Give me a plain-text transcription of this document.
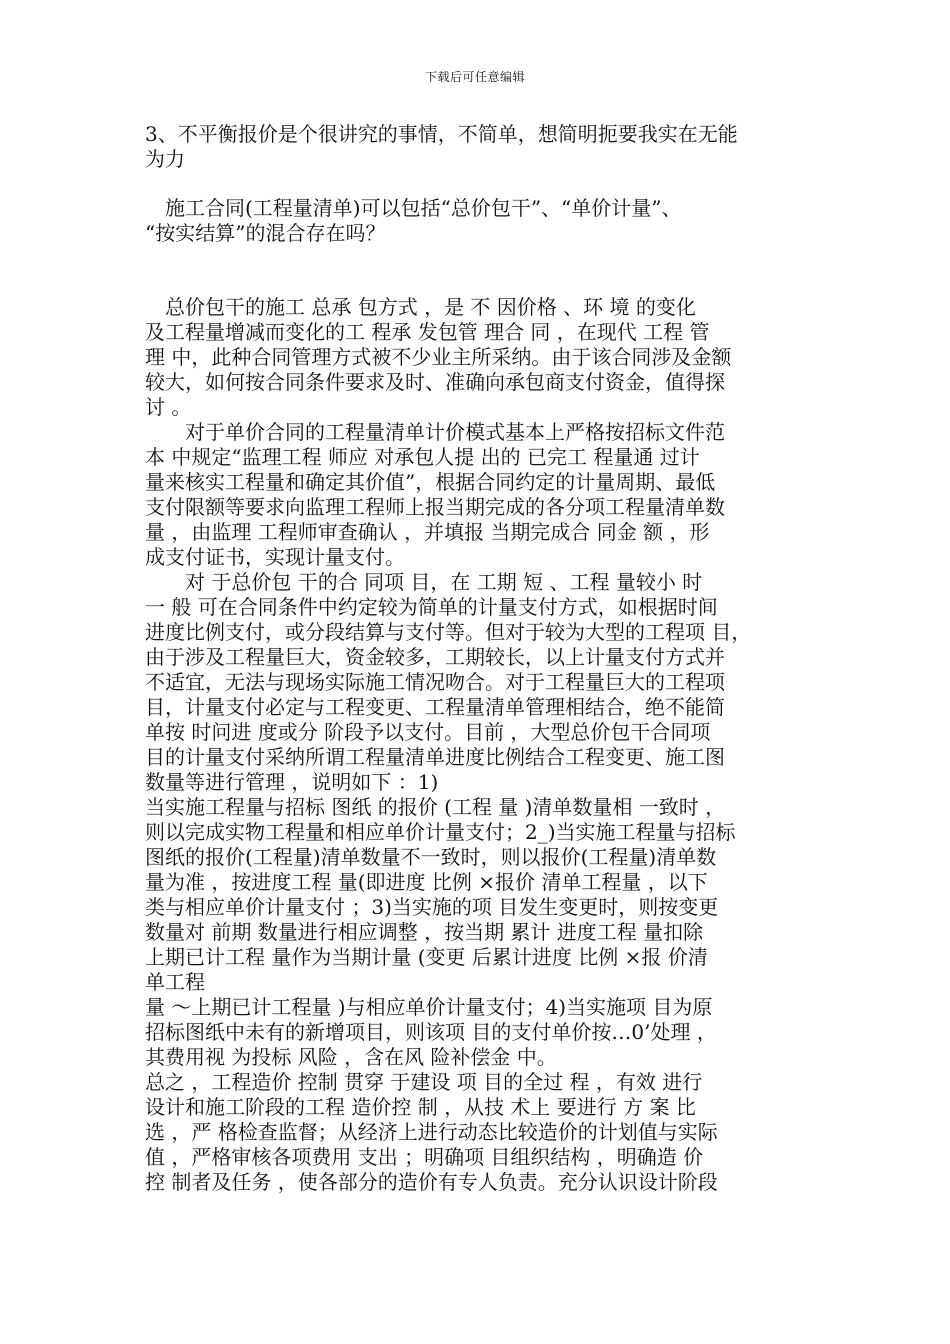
下载后可任意编辑

3、不平衡报价是个很讲究的事情，不简单，想简明扼要我实在无能

为力

　施工合同(工程量清单)可以包括“总价包干”、“单价计量”、

“按实结算”的混合存在吗？

　总价包干的施工 总承 包方式 ，是 不 因价格 、环 境 的变化

及工程量增减而变化的工 程承 发包管 理合 同 ，在现代 工程 管

理 中，此种合同管理方式被不少业主所采纳。由于该合同涉及金额

较大，如何按合同条件要求及时、准确向承包商支付资金，值得探

讨 。

　　对于单价合同的工程量清单计价模式基本上严格按招标文件范

本 中规定“监理工程 师应 对承包人提 出的 已完工 程量通 过计

量来核实工程量和确定其价值”，根据合同约定的计量周期、最低

支付限额等要求向监理工程师上报当期完成的各分项工程量清单数

量 ，由监理 工程师审查确认 ，并填报 当期完成合 同金 额 ，形

成支付证书，实现计量支付。

　　对 于总价包 干的合 同项 目，在 工期 短 、工程 量较小 时

一 般 可在合同条件中约定较为简单的计量支付方式，如根据时间

进度比例支付，或分段结算与支付等。但对于较为大型的工程项 目，

由于涉及工程量巨大，资金较多，工期较长，以上计量支付方式并

不适宜，无法与现场实际施工情况吻合。对于工程量巨大的工程项

目，计量支付必定与工程变更、工程量清单管理相结合，绝不能简

单按 时问进 度或分 阶段予以支付。目前 ，大型总价包干合同项

目的计量支付采纳所谓工程量清单进度比例结合工程变更、施工图

数量等进行管理 ，说明如下 ：1)

当实施工程量与招标 图纸 的报价 (工程 量 )清单数量相 一致时 ，

则以完成实物工程量和相应单价计量支付；2_)当实施工程量与招标

图纸的报价(工程量)清单数量不一致时，则以报价(工程量)清单数

量为准 ，按进度工程 量(即进度 比例 ×报价 清单工程量 ，以下

类与相应单价计量支付 ；3)当实施的项 目发生变更时，则按变更

数量对 前期 数量进行相应调整 ，按当期 累计 进度工程 量扣除

上期已计工程 量作为当期计量 (变更 后累计进度 比例 ×报 价清

单工程

量 ～上期已计工程量 )与相应单价计量支付；4)当实施项 目为原

招标图纸中未有的新增项目，则该项 目的支付单价按…0’处理 ，

其费用视 为投标 风险 ，含在风 险补偿金 中。

总之 ，工程造价 控制 贯穿 于建设 项 目的全过 程 ，有效 进行

设计和施工阶段的工程 造价控 制 ，从技 术上 要进行 方 案 比

选 ，严 格检查监督；从经济上进行动态比较造价的计划值与实际

值 ，严格审核各项费用 支出 ；明确项 目组织结构 ，明确造 价

控 制者及任务 ，使各部分的造价有专人负责。充分认识设计阶段
